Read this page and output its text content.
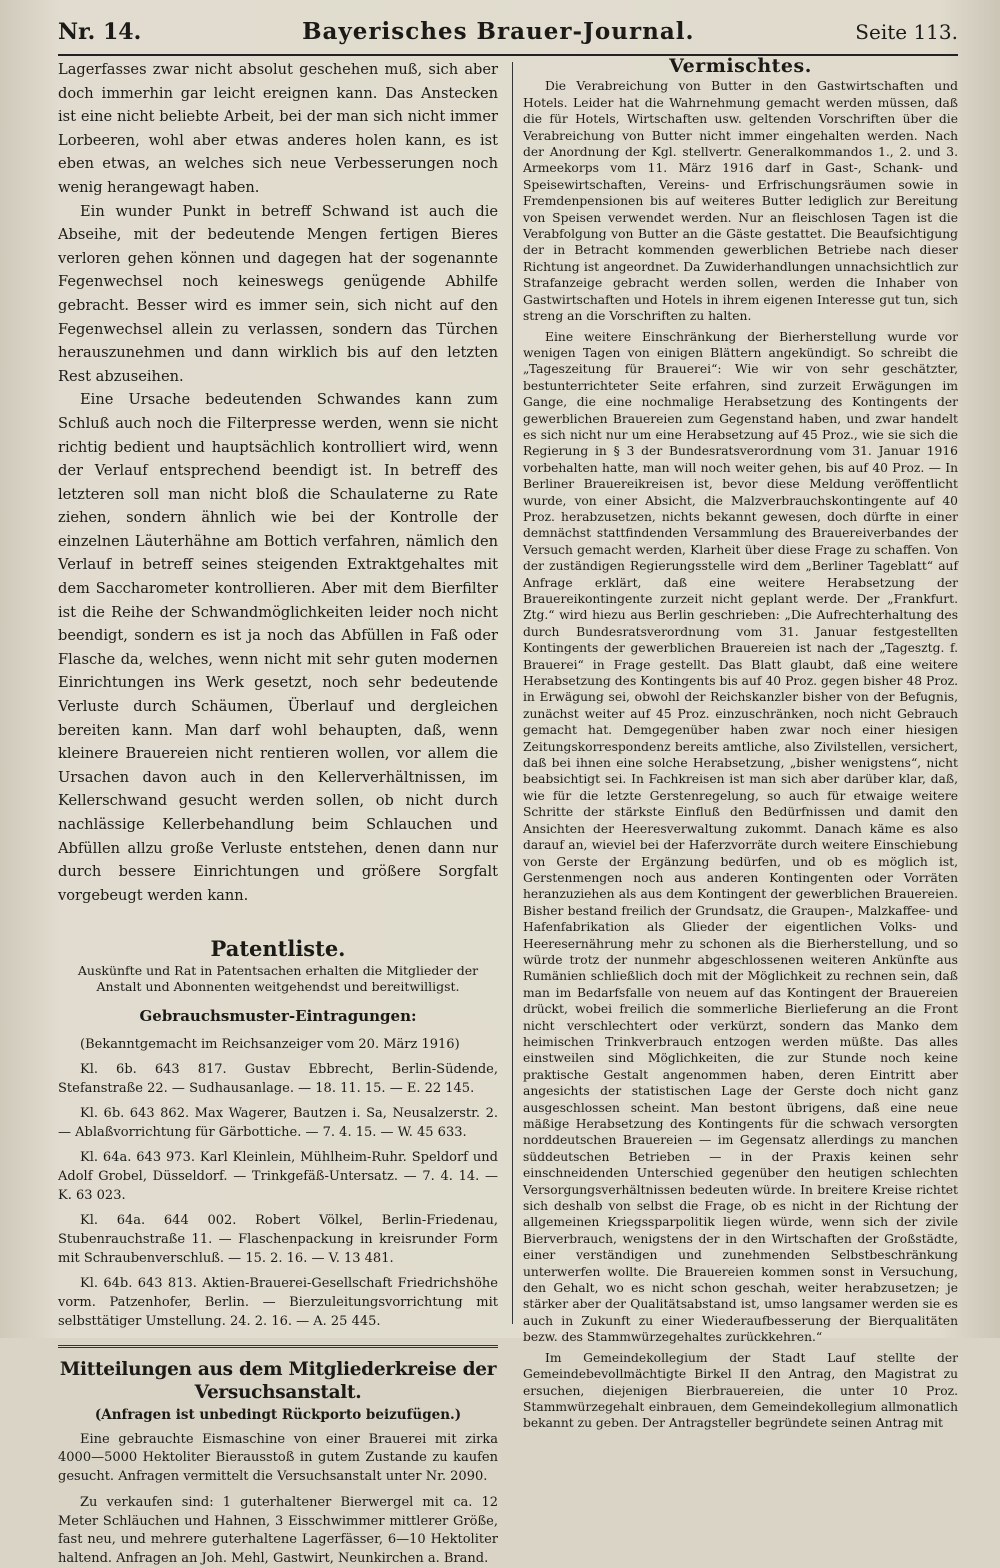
Nr. 14.	Bayerisches Brauer-Journal.	Seite 113.

Lagerfasses zwar nicht absolut geschehen muß, sich aber doch immerhin gar leicht ereignen kann. Das Anstecken ist eine nicht beliebte Arbeit, bei der man sich nicht immer Lorbeeren, wohl aber etwas anderes holen kann, es ist eben etwas, an welches sich neue Verbesserungen noch wenig herangewagt haben.

Ein wunder Punkt in betreff Schwand ist auch die Abseihe, mit der bedeutende Mengen fertigen Bieres verloren gehen können und dagegen hat der sogenannte Fegenwechsel noch keineswegs genügende Abhilfe gebracht. Besser wird es immer sein, sich nicht auf den Fegenwechsel allein zu verlassen, sondern das Türchen herauszunehmen und dann wirklich bis auf den letzten Rest abzuseihen.

Eine Ursache bedeutenden Schwandes kann zum Schluß auch noch die Filterpresse werden, wenn sie nicht richtig bedient und hauptsächlich kontrolliert wird, wenn der Verlauf entsprechend beendigt ist. In betreff des letzteren soll man nicht bloß die Schaulaterne zu Rate ziehen, sondern ähnlich wie bei der Kontrolle der einzelnen Läuterhähne am Bottich verfahren, nämlich den Verlauf in betreff seines steigenden Extraktgehaltes mit dem Saccharometer kontrollieren. Aber mit dem Bierfilter ist die Reihe der Schwandmöglichkeiten leider noch nicht beendigt, sondern es ist ja noch das Abfüllen in Faß oder Flasche da, welches, wenn nicht mit sehr guten modernen Einrichtungen ins Werk gesetzt, noch sehr bedeutende Verluste durch Schäumen, Überlauf und dergleichen bereiten kann. Man darf wohl behaupten, daß, wenn kleinere Brauereien nicht rentieren wollen, vor allem die Ursachen davon auch in den Kellerverhältnissen, im Kellerschwand gesucht werden sollen, ob nicht durch nachlässige Kellerbehandlung beim Schlauchen und Abfüllen allzu große Verluste entstehen, denen dann nur durch bessere Einrichtungen und größere Sorgfalt vorgebeugt werden kann.

Patentliste.

Auskünfte und Rat in Patentsachen erhalten die Mitglieder der Anstalt und Abonnenten weitgehendst und bereitwilligst.

Gebrauchsmuster-Eintragungen:

(Bekanntgemacht im Reichsanzeiger vom 20. März 1916)

Kl. 6b. 643 817. Gustav Ebbrecht, Berlin-Südende, Stefanstraße 22. — Sudhausanlage. — 18. 11. 15. — E. 22 145.

Kl. 6b. 643 862. Max Wagerer, Bautzen i. Sa, Neusalzerstr. 2. — Ablaßvorrichtung für Gärbottiche. — 7. 4. 15. — W. 45 633.

Kl. 64a. 643 973. Karl Kleinlein, Mühlheim-Ruhr. Speldorf und Adolf Grobel, Düsseldorf. — Trinkgefäß-Untersatz. — 7. 4. 14. — K. 63 023.

Kl. 64a. 644 002. Robert Völkel, Berlin-Friedenau, Stubenrauchstraße 11. — Flaschenpackung in kreisrunder Form mit Schraubenverschluß. — 15. 2. 16. — V. 13 481.

Kl. 64b. 643 813. Aktien-Brauerei-Gesellschaft Friedrichshöhe vorm. Patzenhofer, Berlin. — Bierzuleitungsvorrichtung mit selbsttätiger Umstellung. 24. 2. 16. — A. 25 445.

Mitteilungen aus dem Mitgliederkreise der Versuchsanstalt.

(Anfragen ist unbedingt Rückporto beizufügen.)

Eine gebrauchte Eismaschine von einer Brauerei mit zirka 4000—5000 Hektoliter Bierausstoß in gutem Zustande zu kaufen gesucht. Anfragen vermittelt die Versuchsanstalt unter Nr. 2090.

Zu verkaufen sind: 1 guterhaltener Bierwergel mit ca. 12 Meter Schläuchen und Hahnen, 3 Eisschwimmer mittlerer Größe, fast neu, und mehrere guterhaltene Lagerfässer, 6—10 Hektoliter haltend. Anfragen an Joh. Mehl, Gastwirt, Neunkirchen a. Brand.

Vermischtes.

Die Verabreichung von Butter in den Gastwirtschaften und Hotels. Leider hat die Wahrnehmung gemacht werden müssen, daß die für Hotels, Wirtschaften usw. geltenden Vorschriften über die Verabreichung von Butter nicht immer eingehalten werden. Nach der Anordnung der Kgl. stellvertr. Generalkommandos 1., 2. und 3. Armeekorps vom 11. März 1916 darf in Gast-, Schank- und Speisewirtschaften, Vereins- und Erfrischungsräumen sowie in Fremdenpensionen bis auf weiteres Butter lediglich zur Bereitung von Speisen verwendet werden. Nur an fleischlosen Tagen ist die Verabfolgung von Butter an die Gäste gestattet. Die Beaufsichtigung der in Betracht kommenden gewerblichen Betriebe nach dieser Richtung ist angeordnet. Da Zuwiderhandlungen unnachsichtlich zur Strafanzeige gebracht werden sollen, werden die Inhaber von Gastwirtschaften und Hotels in ihrem eigenen Interesse gut tun, sich streng an die Vorschriften zu halten.

Eine weitere Einschränkung der Bierherstellung wurde vor wenigen Tagen von einigen Blättern angekündigt. So schreibt die „Tageszeitung für Brauerei“: Wie wir von sehr geschätzter, bestunterrichteter Seite erfahren, sind zurzeit Erwägungen im Gange, die eine nochmalige Herabsetzung des Kontingents der gewerblichen Brauereien zum Gegenstand haben, und zwar handelt es sich nicht nur um eine Herabsetzung auf 45 Proz., wie sie sich die Regierung in § 3 der Bundesratsverordnung vom 31. Januar 1916 vorbehalten hatte, man will noch weiter gehen, bis auf 40 Proz. — In Berliner Brauereikreisen ist, bevor diese Meldung veröffentlicht wurde, von einer Absicht, die Malzverbrauchskontingente auf 40 Proz. herabzusetzen, nichts bekannt gewesen, doch dürfte in einer demnächst stattfindenden Versammlung des Brauereiverbandes der Versuch gemacht werden, Klarheit über diese Frage zu schaffen. Von der zuständigen Regierungsstelle wird dem „Berliner Tageblatt“ auf Anfrage erklärt, daß eine weitere Herabsetzung der Brauereikontingente zurzeit nicht geplant werde. Der „Frankfurt. Ztg.“ wird hiezu aus Berlin geschrieben: „Die Aufrechterhaltung des durch Bundesratsverordnung vom 31. Januar festgestellten Kontingents der gewerblichen Brauereien ist nach der „Tagesztg. f. Brauerei“ in Frage gestellt. Das Blatt glaubt, daß eine weitere Herabsetzung des Kontingents bis auf 40 Proz. gegen bisher 48 Proz. in Erwägung sei, obwohl der Reichskanzler bisher von der Befugnis, zunächst weiter auf 45 Proz. einzuschränken, noch nicht Gebrauch gemacht hat. Demgegenüber haben zwar noch einer hiesigen Zeitungskorrespondenz bereits amtliche, also Zivilstellen, versichert, daß bei ihnen eine solche Herabsetzung, „bisher wenigstens“, nicht beabsichtigt sei. In Fachkreisen ist man sich aber darüber klar, daß, wie für die letzte Gerstenregelung, so auch für etwaige weitere Schritte der stärkste Einfluß den Bedürfnissen und damit den Ansichten der Heeresverwaltung zukommt. Danach käme es also darauf an, wieviel bei der Haferzvorräte durch weitere Einschiebung von Gerste der Ergänzung bedürfen, und ob es möglich ist, Gerstenmengen noch aus anderen Kontingenten oder Vorräten heranzuziehen als aus dem Kontingent der gewerblichen Brauereien. Bisher bestand freilich der Grundsatz, die Graupen-, Malzkaffee- und Hafenfabrikation als Glieder der eigentlichen Volks- und Heeresernährung mehr zu schonen als die Bierherstellung, und so würde trotz der nunmehr abgeschlossenen weiteren Ankünfte aus Rumänien schließlich doch mit der Möglichkeit zu rechnen sein, daß man im Bedarfsfalle von neuem auf das Kontingent der Brauereien drückt, wobei freilich die sommerliche Bierlieferung an die Front nicht verschlechtert oder verkürzt, sondern das Manko dem heimischen Trinkverbrauch entzogen werden müßte. Das alles einstweilen sind Möglichkeiten, die zur Stunde noch keine praktische Gestalt angenommen haben, deren Eintritt aber angesichts der statistischen Lage der Gerste doch nicht ganz ausgeschlossen scheint. Man bestont übrigens, daß eine neue mäßige Herabsetzung des Kontingents für die schwach versorgten norddeutschen Brauereien — im Gegensatz allerdings zu manchen süddeutschen Betrieben — in der Praxis keinen sehr einschneidenden Unterschied gegenüber den heutigen schlechten Versorgungsverhältnissen bedeuten würde. In breitere Kreise richtet sich deshalb von selbst die Frage, ob es nicht in der Richtung der allgemeinen Kriegssparpolitik liegen würde, wenn sich der zivile Bierverbrauch, wenigstens der in den Wirtschaften der Großstädte, einer verständigen und zunehmenden Selbstbeschränkung unterwerfen wollte. Die Brauereien kommen sonst in Versuchung, den Gehalt, wo es nicht schon geschah, weiter herabzusetzen; je stärker aber der Qualitätsabstand ist, umso langsamer werden sie es auch in Zukunft zu einer Wiederaufbesserung der Bierqualitäten bezw. des Stammwürzegehaltes zurückkehren.“

Im Gemeindekollegium der Stadt Lauf stellte der Gemeindebevollmächtigte Birkel II den Antrag, den Magistrat zu ersuchen, diejenigen Bierbrauereien, die unter 10 Proz. Stammwürzegehalt einbrauen, dem Gemeindekollegium allmonatlich bekannt zu geben. Der Antragsteller begründete seinen Antrag mit
